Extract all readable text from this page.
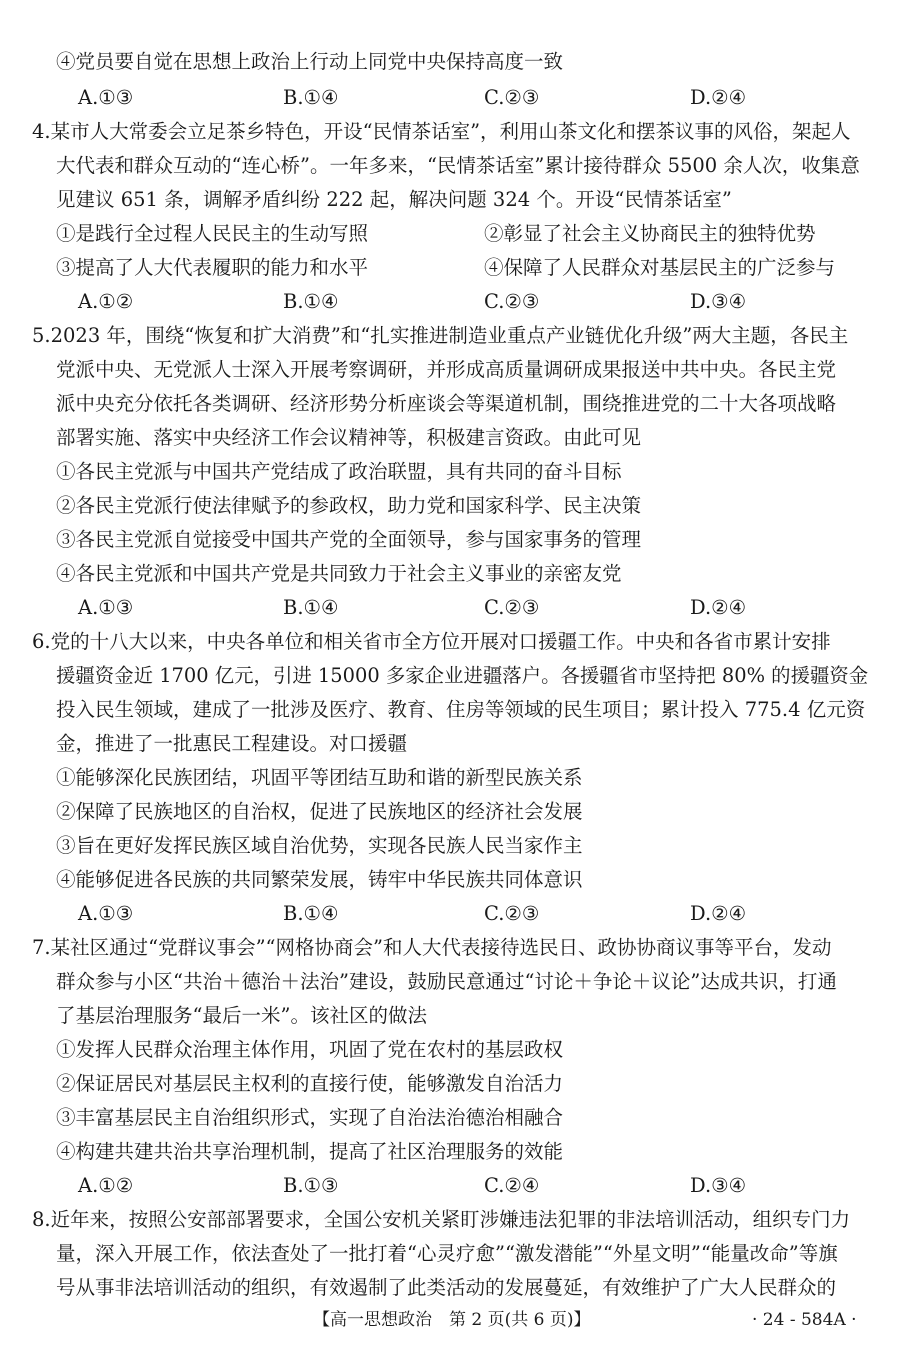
④党员要自觉在思想上政治上行动上同党中央保持高度一致
A.①③	B.①④	C.②③	D.②④
4.某市人大常委会立足茶乡特色，开设“民情茶话室”，利用山茶文化和摆茶议事的风俗，架起人
大代表和群众互动的“连心桥”。一年多来，“民情茶话室”累计接待群众 5500 余人次，收集意
见建议 651 条，调解矛盾纠纷 222 起，解决问题 324 个。开设“民情茶话室”
①是践行全过程人民民主的生动写照	②彰显了社会主义协商民主的独特优势
③提高了人大代表履职的能力和水平	④保障了人民群众对基层民主的广泛参与
A.①②	B.①④	C.②③	D.③④
5.2023 年，围绕“恢复和扩大消费”和“扎实推进制造业重点产业链优化升级”两大主题，各民主
党派中央、无党派人士深入开展考察调研，并形成高质量调研成果报送中共中央。各民主党
派中央充分依托各类调研、经济形势分析座谈会等渠道机制，围绕推进党的二十大各项战略
部署实施、落实中央经济工作会议精神等，积极建言资政。由此可见
①各民主党派与中国共产党结成了政治联盟，具有共同的奋斗目标
②各民主党派行使法律赋予的参政权，助力党和国家科学、民主决策
③各民主党派自觉接受中国共产党的全面领导，参与国家事务的管理
④各民主党派和中国共产党是共同致力于社会主义事业的亲密友党
A.①③	B.①④	C.②③	D.②④
6.党的十八大以来，中央各单位和相关省市全方位开展对口援疆工作。中央和各省市累计安排
援疆资金近 1700 亿元，引进 15000 多家企业进疆落户。各援疆省市坚持把 80% 的援疆资金
投入民生领域，建成了一批涉及医疗、教育、住房等领域的民生项目；累计投入 775.4 亿元资
金，推进了一批惠民工程建设。对口援疆
①能够深化民族团结，巩固平等团结互助和谐的新型民族关系
②保障了民族地区的自治权，促进了民族地区的经济社会发展
③旨在更好发挥民族区域自治优势，实现各民族人民当家作主
④能够促进各民族的共同繁荣发展，铸牢中华民族共同体意识
A.①③	B.①④	C.②③	D.②④
7.某社区通过“党群议事会”“网格协商会”和人大代表接待选民日、政协协商议事等平台，发动
群众参与小区“共治＋德治＋法治”建设，鼓励民意通过“讨论＋争论＋议论”达成共识，打通
了基层治理服务“最后一米”。该社区的做法
①发挥人民群众治理主体作用，巩固了党在农村的基层政权
②保证居民对基层民主权利的直接行使，能够激发自治活力
③丰富基层民主自治组织形式，实现了自治法治德治相融合
④构建共建共治共享治理机制，提高了社区治理服务的效能
A.①②	B.①③	C.②④	D.③④
8.近年来，按照公安部部署要求，全国公安机关紧盯涉嫌违法犯罪的非法培训活动，组织专门力
量，深入开展工作，依法查处了一批打着“心灵疗愈”“激发潜能”“外星文明”“能量改命”等旗
号从事非法培训活动的组织，有效遏制了此类活动的发展蔓延，有效维护了广大人民群众的
【高一思想政治　第 2 页(共 6 页)】	· 24 - 584A ·
